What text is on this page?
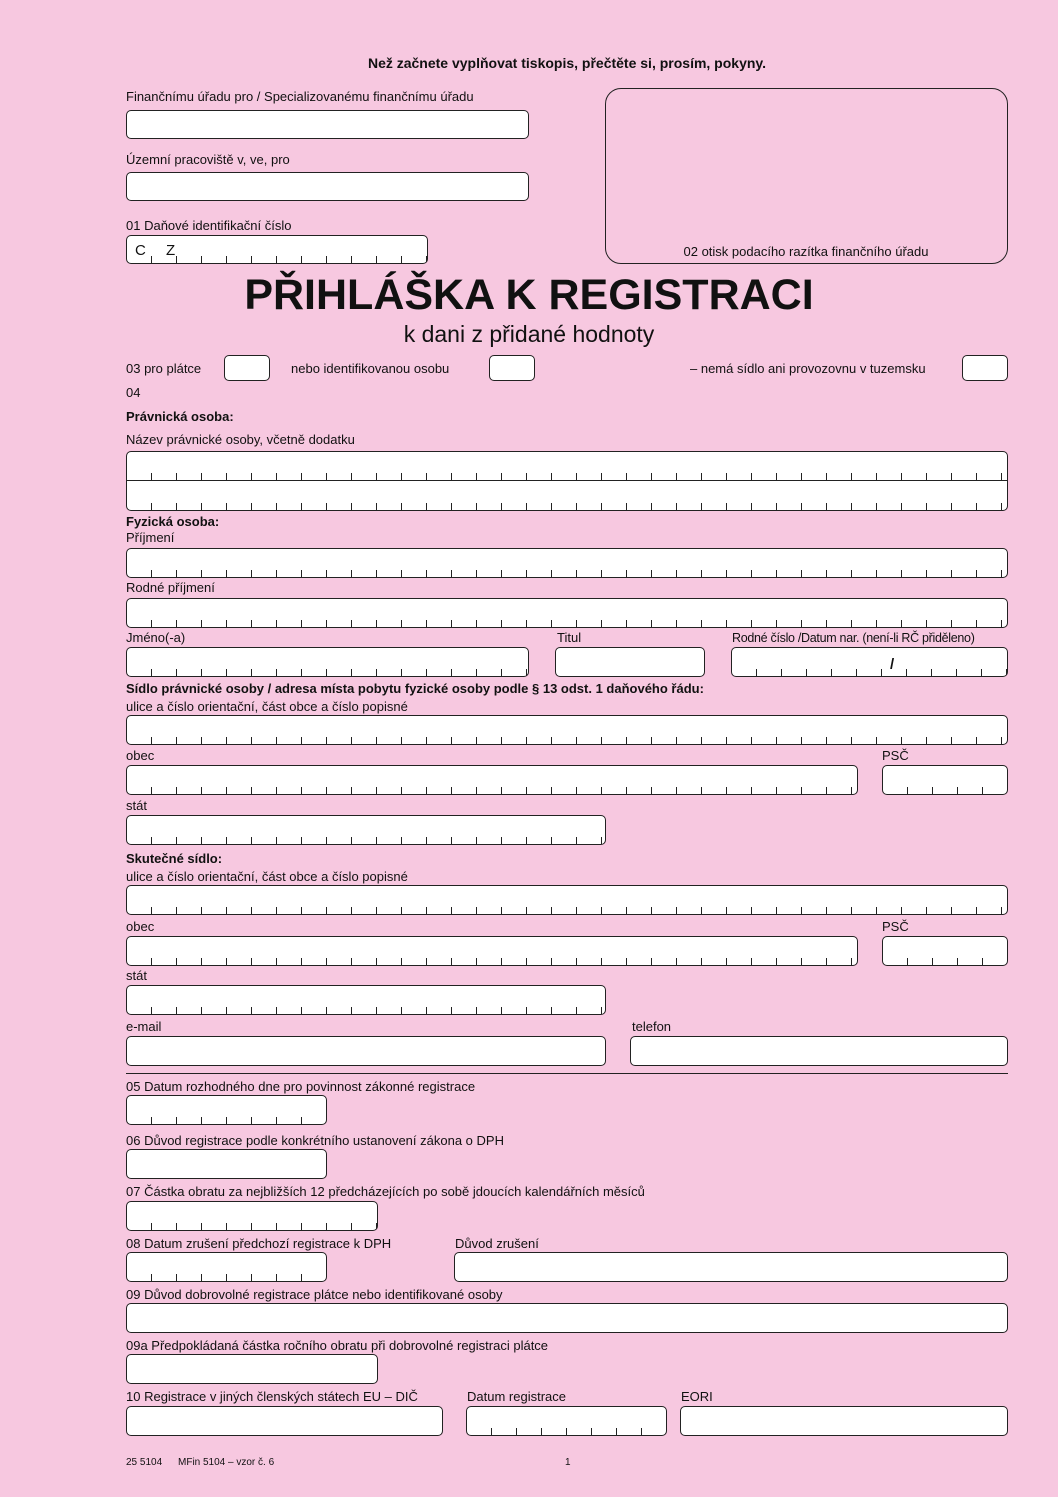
Než začnete vyplňovat tiskopis, přečtěte si, prosím, pokyny.
Finančnímu úřadu pro / Specializovanému finančnímu úřadu
Územní pracoviště v, ve, pro
01 Daňové identifikační číslo
C Z	02 otisk podacího razítka finančního úřadu
PŘIHLÁŠKA K REGISTRACI
k dani z přidané hodnoty
03 pro plátce	nebo identifikovanou osobu	– nemá sídlo ani provozovnu v tuzemsku
04
Právnická osoba:
Název právnické osoby, včetně dodatku
Fyzická osoba:
Příjmení
Rodné příjmení
Jméno(-a)	Titul	Rodné číslo /Datum nar. (není-li RČ přiděleno)
/
Sídlo právnické osoby / adresa místa pobytu fyzické osoby podle § 13 odst. 1 daňového řádu:
ulice a číslo orientační, část obce a číslo popisné
obec	PSČ
stát
Skutečné sídlo:
ulice a číslo orientační, část obce a číslo popisné
obec	PSČ
stát
e-mail	telefon
05 Datum rozhodného dne pro povinnost zákonné registrace
06 Důvod registrace podle konkrétního ustanovení zákona o DPH
07 Částka obratu za nejbližších 12 předcházejících po sobě jdoucích kalendářních měsíců
08 Datum zrušení předchozí registrace k DPH	Důvod zrušení
09 Důvod dobrovolné registrace plátce nebo identifikované osoby
09a Předpokládaná částka ročního obratu při dobrovolné registraci plátce
10 Registrace v jiných členských státech EU – DIČ	Datum registrace	EORI
25 5104 MFin 5104 – vzor č. 6	1
